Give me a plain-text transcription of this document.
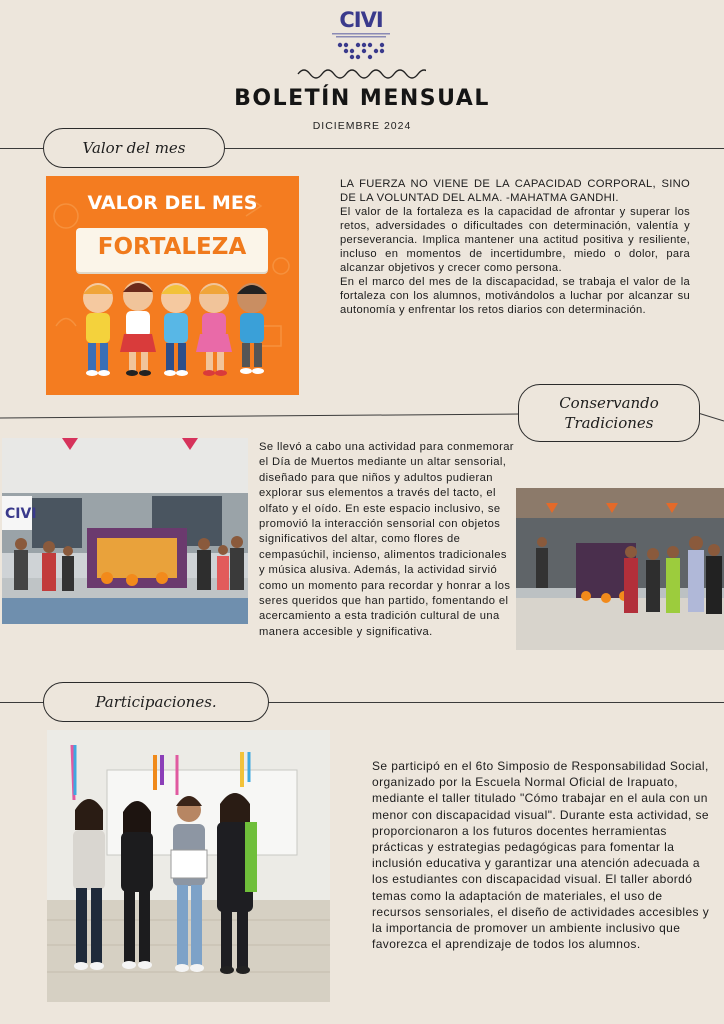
CIVI
BOLETÍN MENSUAL
DICIEMBRE 2024
Valor del mes
VALOR DEL MES
FORTALEZA

LA FUERZA NO VIENE DE LA CAPACIDAD CORPORAL, SINO DE LA VOLUNTAD DEL ALMA. -MAHATMA GANDHI.

El valor de la fortaleza es la capacidad de afrontar y superar los retos, adversidades o dificultades con determinación, valentía y perseverancia. Implica mantener una actitud positiva y resiliente, incluso en momentos de incertidumbre, miedo o dolor, para alcanzar objetivos y crecer como persona.

En el marco del mes de la discapacidad, se trabaja el valor de la fortaleza con los alumnos, motivándolos a luchar por alcanzar su autonomía y enfrentar los retos diarios con determinación.

Conservando
Tradiciones
CIVI
Se llevó a cabo una actividad para conmemorar el Día de Muertos mediante un altar sensorial, diseñado para que niños y adultos pudieran explorar sus elementos a través del tacto, el olfato y el oído. En este espacio inclusivo, se promovió la interacción sensorial con objetos significativos del altar, como flores de cempasúchil, incienso, alimentos tradicionales y música alusiva. Además, la actividad sirvió como un momento para recordar y honrar a los seres queridos que han partido, fomentando el acercamiento a esta tradición cultural de una manera accesible y significativa.
Participaciones.
Se participó en el 6to Simposio de Responsabilidad Social, organizado por la Escuela Normal Oficial de Irapuato, mediante el taller titulado "Cómo trabajar en el aula con un menor con discapacidad visual". Durante esta actividad, se proporcionaron a los futuros docentes herramientas prácticas y estrategias pedagógicas para fomentar la inclusión educativa y garantizar una atención adecuada a los estudiantes con discapacidad visual. El taller abordó temas como la adaptación de materiales, el uso de recursos sensoriales, el diseño de actividades accesibles y la importancia de promover un ambiente inclusivo que favorezca el aprendizaje de todos los alumnos.
